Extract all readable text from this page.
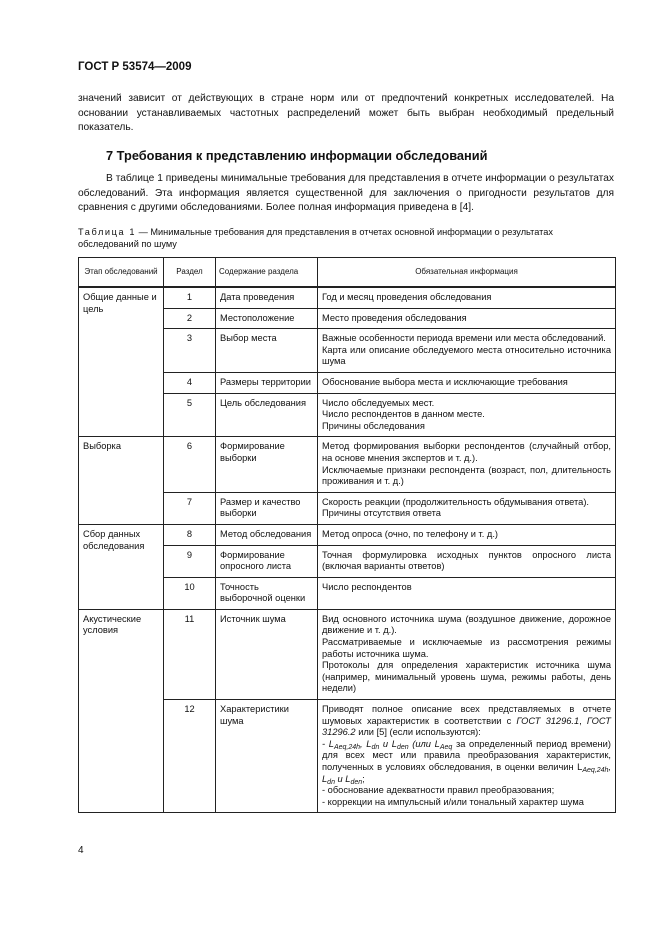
ГОСТ Р 53574—2009
значений зависит от действующих в стране норм или от предпочтений конкретных исследователей. На основании устанавливаемых частотных распределений может быть выбран необходимый предельный показатель.
7 Требования к представлению информации обследований
В таблице 1 приведены минимальные требования для представления в отчете информации о результатах обследований. Эта информация является существенной для заключения о пригодности результатов для сравнения с другими обследованиями. Более полная информация приведена в [4].
Таблица 1 — Минимальные требования для представления в отчетах основной информации о результатах обследований по шуму
Этап обследований	Раздел	Содержание раздела	Обязательная информация
Общие данные и цель	1	Дата проведения	Год и месяц проведения обследования

	2	Местоположение	Место проведения обследования

	3	Выбор места	Важные особенности периода времени или места обследований.
Карта или описание обследуемого места относительно источника шума

	4	Размеры территории	Обоснование выбора места и исключающие требования

	5	Цель обследования	Число обследуемых мест.
Число респондентов в данном месте.
Причины обследования

Выборка	6	Формирование выборки	Метод формирования выборки респондентов (случайный отбор, на основе мнения экспертов и т. д.).
Исключаемые признаки респондента (возраст, пол, длительность проживания и т. д.)

	7	Размер и качество выборки	Скорость реакции (продолжительность обдумывания ответа).
Причины отсутствия ответа

Сбор данных обследования	8	Метод обследования	Метод опроса (очно, по телефону и т. д.)

	9	Формирование опросного листа	Точная формулировка исходных пунктов опросного листа (включая варианты ответов)

	10	Точность выборочной оценки	Число респондентов

Акустические условия	11	Источник шума	Вид основного источника шума (воздушное движение, дорожное движение и т. д.).
Рассматриваемые и исключаемые из рассмотрения режимы работы источника шума.
Протоколы для определения характеристик источника шума (например, минимальный уровень шума, режимы работы, день недели)

	12	Характеристики шума	Приводят полное описание всех представляемых в отчете шумовых характеристик в соответствии с ГОСТ 31296.1, ГОСТ 31296.2 или [5] (если используются):
- $L_{Aeq,24h}$, $L_{dn}$ и $L_{den}$ (или $L_{Aeq}$ за определенный период времени) для всех мест или правила преобразования характеристик, полученных в условиях обследования, в оценки величин $L_{Aeq,24h}$, $L_{dn}$ и $L_{den}$;
- обоснование адекватности правил преобразования;
- коррекции на импульсный и/или тональный характер шума
4
